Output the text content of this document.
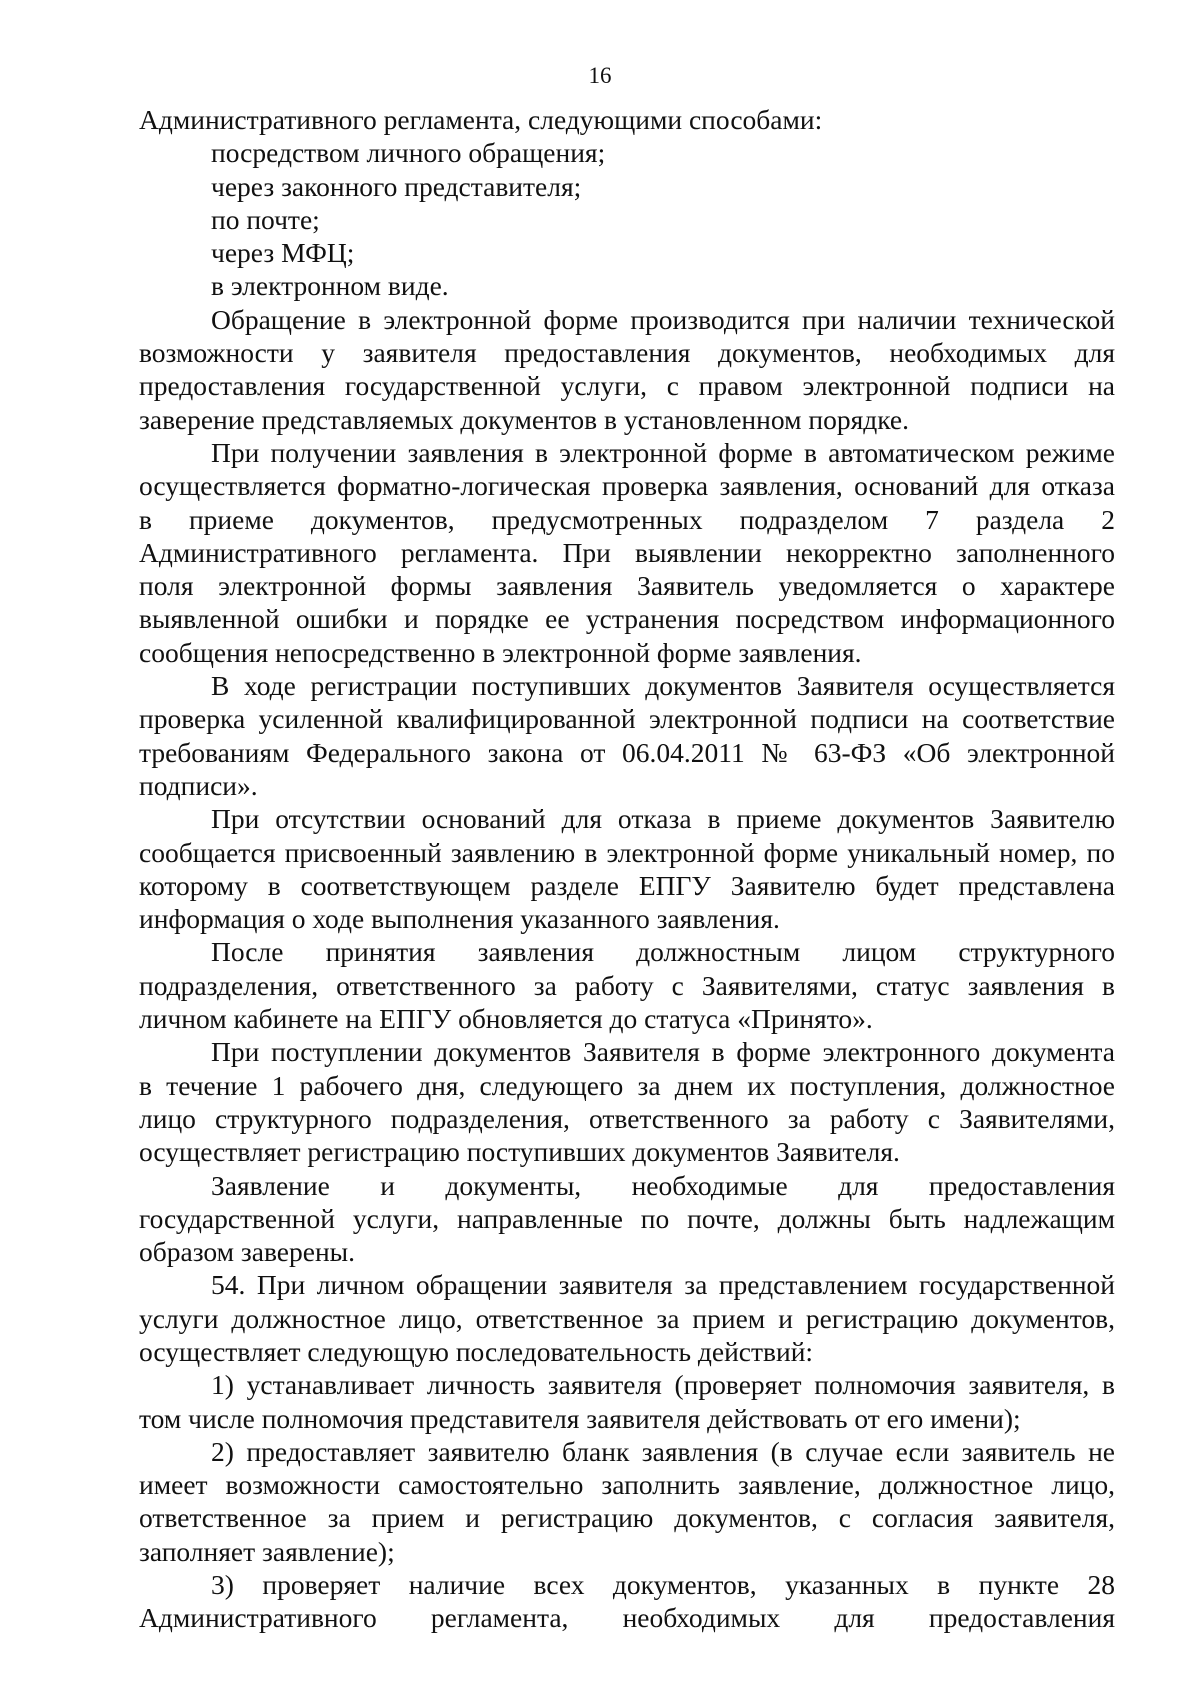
16
Административного регламента, следующими способами:
посредством личного обращения;
через законного представителя;
по почте;
через МФЦ;
в электронном виде.
Обращение в электронной форме производится при наличии технической
возможности у заявителя предоставления документов, необходимых для
предоставления государственной услуги, с правом электронной подписи на
заверение представляемых документов в установленном порядке.
При получении заявления в электронной форме в автоматическом режиме
осуществляется форматно-логическая проверка заявления, оснований для отказа
в приеме документов, предусмотренных подразделом 7 раздела 2
Административного регламента. При выявлении некорректно заполненного
поля электронной формы заявления Заявитель уведомляется о характере
выявленной ошибки и порядке ее устранения посредством информационного
сообщения непосредственно в электронной форме заявления.
В ходе регистрации поступивших документов Заявителя осуществляется
проверка усиленной квалифицированной электронной подписи на соответствие
требованиям Федерального закона от 06.04.2011 № 63-ФЗ «Об электронной
подписи».
При отсутствии оснований для отказа в приеме документов Заявителю
сообщается присвоенный заявлению в электронной форме уникальный номер, по
которому в соответствующем разделе ЕПГУ Заявителю будет представлена
информация о ходе выполнения указанного заявления.
После принятия заявления должностным лицом структурного
подразделения, ответственного за работу с Заявителями, статус заявления в
личном кабинете на ЕПГУ обновляется до статуса «Принято».
При поступлении документов Заявителя в форме электронного документа
в течение 1 рабочего дня, следующего за днем их поступления, должностное
лицо структурного подразделения, ответственного за работу с Заявителями,
осуществляет регистрацию поступивших документов Заявителя.
Заявление и документы, необходимые для предоставления
государственной услуги, направленные по почте, должны быть надлежащим
образом заверены.
54. При личном обращении заявителя за представлением государственной
услуги должностное лицо, ответственное за прием и регистрацию документов,
осуществляет следующую последовательность действий:
1) устанавливает личность заявителя (проверяет полномочия заявителя, в
том числе полномочия представителя заявителя действовать от его имени);
2) предоставляет заявителю бланк заявления (в случае если заявитель не
имеет возможности самостоятельно заполнить заявление, должностное лицо,
ответственное за прием и регистрацию документов, с согласия заявителя,
заполняет заявление);
3) проверяет наличие всех документов, указанных в пункте 28
Административного регламента, необходимых для предоставления
